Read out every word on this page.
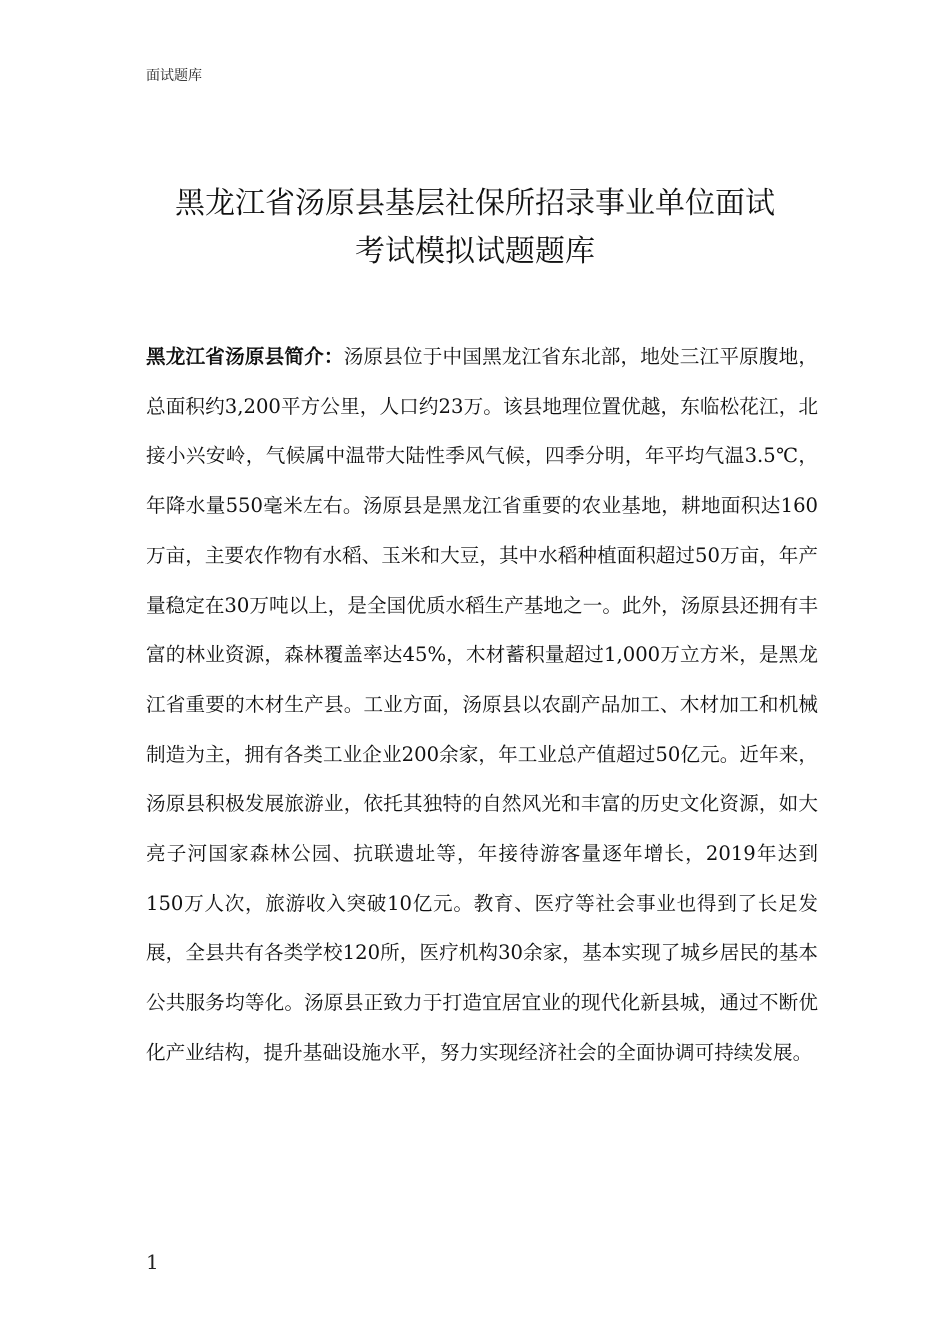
面试题库
黑龙江省汤原县基层社保所招录事业单位面试
考试模拟试题题库

黑龙江省汤原县简介：汤原县位于中国黑龙江省东北部，地处三江平原腹地，总面积约3,200平方公里，人口约23万。该县地理位置优越，东临松花江，北接小兴安岭，气候属中温带大陆性季风气候，四季分明，年平均气温3.5℃，年降水量550毫米左右。汤原县是黑龙江省重要的农业基地，耕地面积达160万亩，主要农作物有水稻、玉米和大豆，其中水稻种植面积超过50万亩，年产量稳定在30万吨以上，是全国优质水稻生产基地之一。此外，汤原县还拥有丰富的林业资源，森林覆盖率达45%，木材蓄积量超过1,000万立方米，是黑龙江省重要的木材生产县。工业方面，汤原县以农副产品加工、木材加工和机械制造为主，拥有各类工业企业200余家，年工业总产值超过50亿元。近年来，汤原县积极发展旅游业，依托其独特的自然风光和丰富的历史文化资源，如大亮子河国家森林公园、抗联遗址等，年接待游客量逐年增长，2019年达到150万人次，旅游收入突破10亿元。教育、医疗等社会事业也得到了长足发展，全县共有各类学校120所，医疗机构30余家，基本实现了城乡居民的基本公共服务均等化。汤原县正致力于打造宜居宜业的现代化新县城，通过不断优化产业结构，提升基础设施水平，努力实现经济社会的全面协调可持续发展。

1
